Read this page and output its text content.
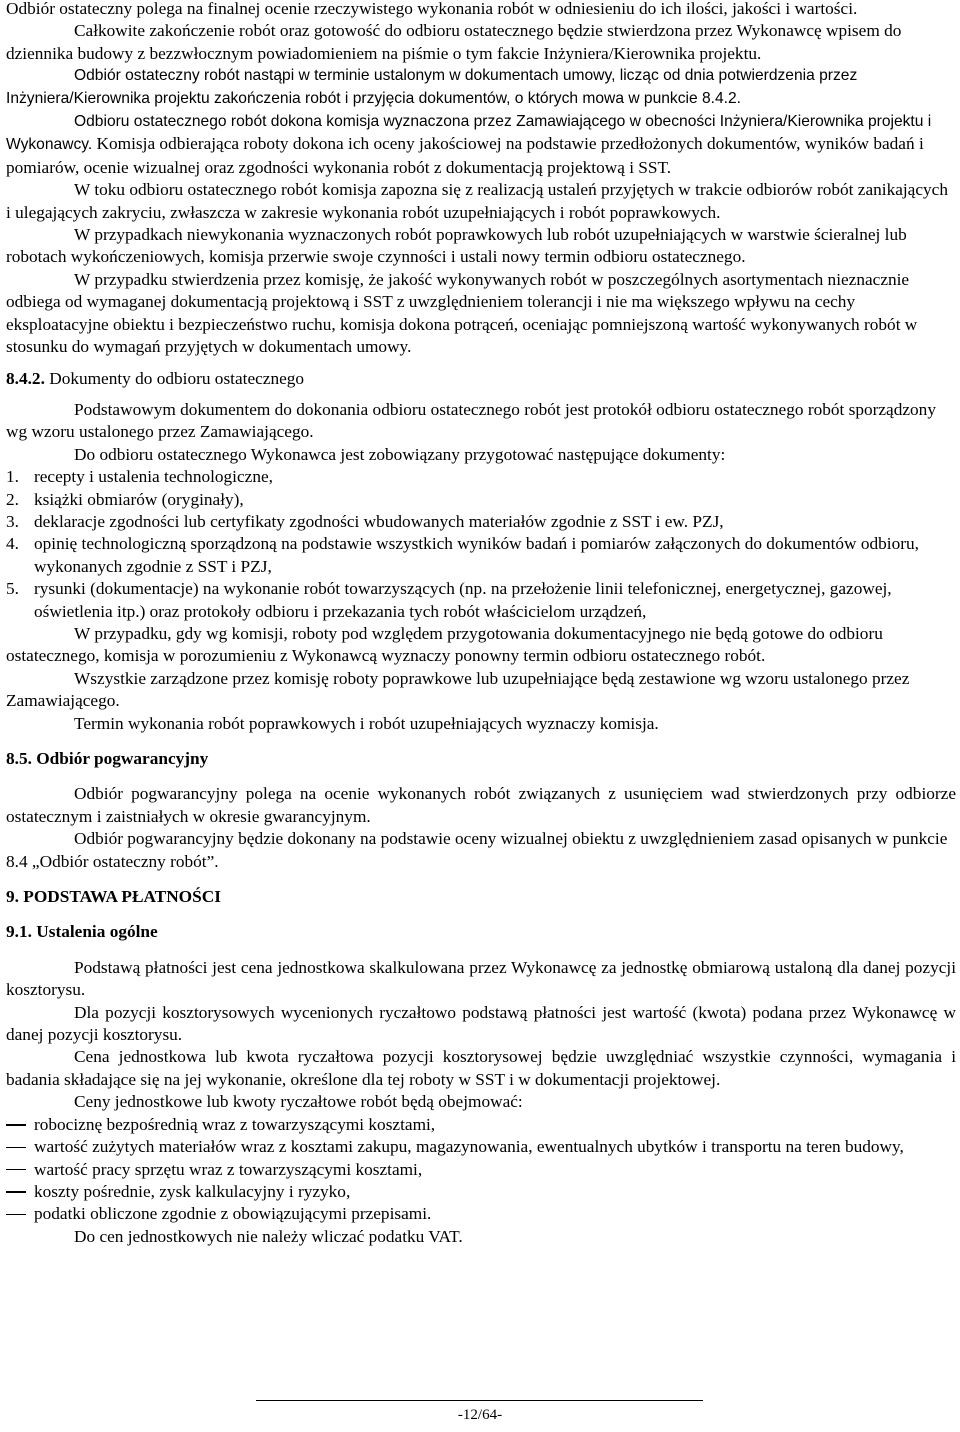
Odbiór ostateczny polega na finalnej ocenie rzeczywistego wykonania robót w odniesieniu do ich ilości, jakości i wartości.

Całkowite zakończenie robót oraz gotowość do odbioru ostatecznego będzie stwierdzona przez Wykonawcę wpisem do dziennika budowy z bezzwłocznym powiadomieniem na piśmie o tym fakcie Inżyniera/Kierownika projektu.

Odbiór ostateczny robót nastąpi w terminie ustalonym w dokumentach umowy, licząc od dnia potwierdzenia przez Inżyniera/Kierownika projektu zakończenia robót i przyjęcia dokumentów, o których mowa w punkcie 8.4.2.

Odbioru ostatecznego robót dokona komisja wyznaczona przez Zamawiającego w obecności Inżyniera/Kierownika projektu i Wykonawcy. Komisja odbierająca roboty dokona ich oceny jakościowej na podstawie przedłożonych dokumentów, wyników badań i pomiarów, ocenie wizualnej oraz zgodności wykonania robót z dokumentacją projektową i SST.

W toku odbioru ostatecznego robót komisja zapozna się z realizacją ustaleń przyjętych w trakcie odbiorów robót zanikających i ulegających zakryciu, zwłaszcza w zakresie wykonania robót uzupełniających i robót poprawkowych.

W przypadkach niewykonania wyznaczonych robót poprawkowych lub robót uzupełniających w warstwie ścieralnej lub robotach wykończeniowych, komisja przerwie swoje czynności i ustali nowy termin odbioru ostatecznego.

W przypadku stwierdzenia przez komisję, że jakość wykonywanych robót w poszczególnych asortymentach nieznacznie odbiega od wymaganej dokumentacją projektową i SST z uwzględnieniem tolerancji i nie ma większego wpływu na cechy eksploatacyjne obiektu i bezpieczeństwo ruchu, komisja dokona potrąceń, oceniając pomniejszoną wartość wykonywanych robót w stosunku do wymagań przyjętych w dokumentach umowy.

8.4.2. Dokumenty do odbioru ostatecznego

Podstawowym dokumentem do dokonania odbioru ostatecznego robót jest protokół odbioru ostatecznego robót sporządzony wg wzoru ustalonego przez Zamawiającego.

Do odbioru ostatecznego Wykonawca jest zobowiązany przygotować następujące dokumenty:

1. recepty i ustalenia technologiczne,
2. książki obmiarów (oryginały),
3. deklaracje zgodności lub certyfikaty zgodności wbudowanych materiałów zgodnie z SST i ew. PZJ,
4. opinię technologiczną sporządzoną na podstawie wszystkich wyników badań i pomiarów załączonych do dokumentów odbioru, wykonanych zgodnie z SST i PZJ,
5. rysunki (dokumentacje) na wykonanie robót towarzyszących (np. na przełożenie linii telefonicznej, energetycznej, gazowej, oświetlenia itp.) oraz protokoły odbioru i przekazania tych robót właścicielom urządzeń,

W przypadku, gdy wg komisji, roboty pod względem przygotowania dokumentacyjnego nie będą gotowe do odbioru ostatecznego, komisja w porozumieniu z Wykonawcą wyznaczy ponowny termin odbioru ostatecznego robót.

Wszystkie zarządzone przez komisję roboty poprawkowe lub uzupełniające będą zestawione wg wzoru ustalonego przez Zamawiającego.

Termin wykonania robót poprawkowych i robót uzupełniających wyznaczy komisja.

8.5. Odbiór pogwarancyjny

Odbiór pogwarancyjny polega na ocenie wykonanych robót związanych z usunięciem wad stwierdzonych przy odbiorze ostatecznym i zaistniałych w okresie gwarancyjnym.

Odbiór pogwarancyjny będzie dokonany na podstawie oceny wizualnej obiektu z uwzględnieniem zasad opisanych w punkcie 8.4 „Odbiór ostateczny robót”.

9. PODSTAWA PŁATNOŚCI

9.1. Ustalenia ogólne

Podstawą płatności jest cena jednostkowa skalkulowana przez Wykonawcę za jednostkę obmiarową ustaloną dla danej pozycji kosztorysu.

Dla pozycji kosztorysowych wycenionych ryczałtowo podstawą płatności jest wartość (kwota) podana przez Wykonawcę w danej pozycji kosztorysu.

Cena jednostkowa lub kwota ryczałtowa pozycji kosztorysowej będzie uwzględniać wszystkie czynności, wymagania i badania składające się na jej wykonanie, określone dla tej roboty w SST i w dokumentacji projektowej.

Ceny jednostkowe lub kwoty ryczałtowe robót będą obejmować:

robociznę bezpośrednią wraz z towarzyszącymi kosztami,
wartość zużytych materiałów wraz z kosztami zakupu, magazynowania, ewentualnych ubytków i transportu na teren budowy,
wartość pracy sprzętu wraz z towarzyszącymi kosztami,
koszty pośrednie, zysk kalkulacyjny i ryzyko,
podatki obliczone zgodnie z obowiązującymi przepisami.

Do cen jednostkowych nie należy wliczać podatku VAT.

-12/64-
